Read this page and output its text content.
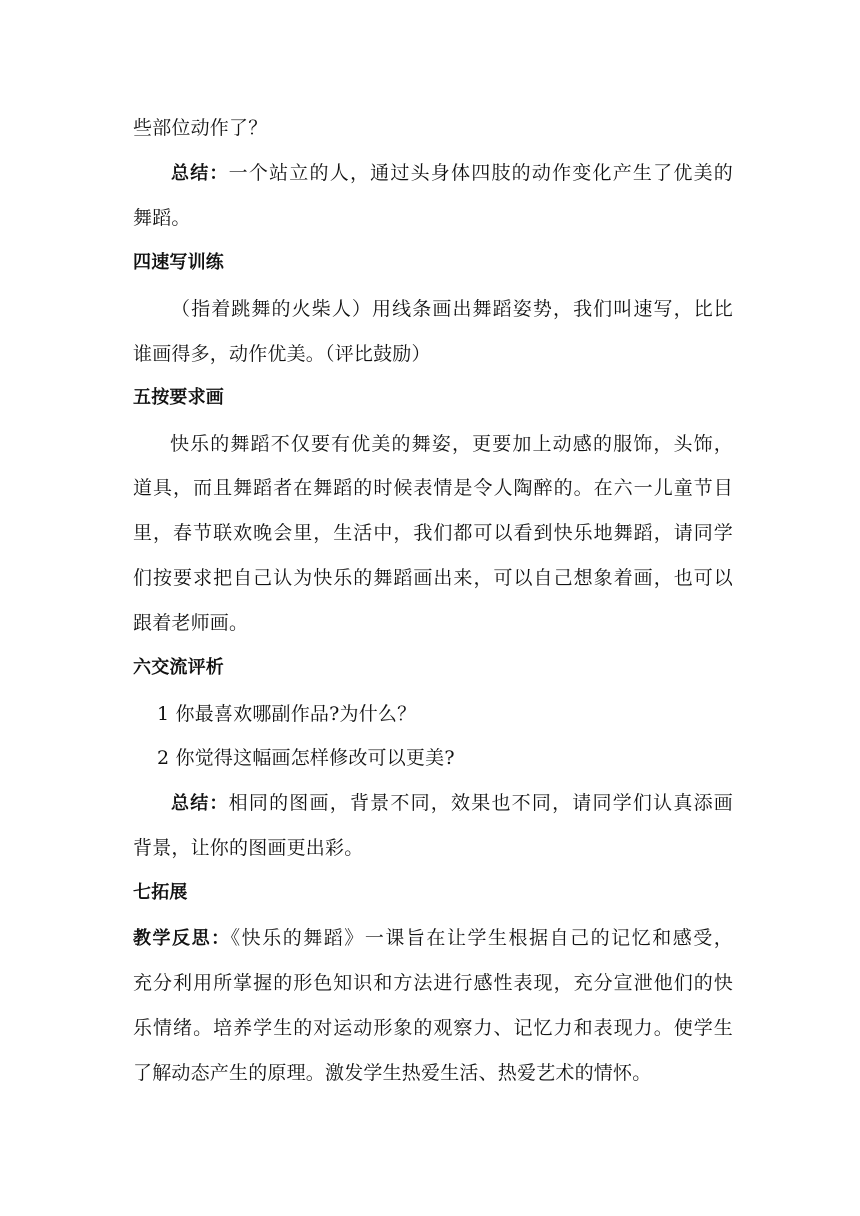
些部位动作了？
总结：一个站立的人，通过头身体四肢的动作变化产生了优美的
舞蹈。
四速写训练
（指着跳舞的火柴人）用线条画出舞蹈姿势，我们叫速写，比比
谁画得多，动作优美。（评比鼓励）
五按要求画
快乐的舞蹈不仅要有优美的舞姿，更要加上动感的服饰，头饰，
道具，而且舞蹈者在舞蹈的时候表情是令人陶醉的。在六一儿童节目
里，春节联欢晚会里，生活中，我们都可以看到快乐地舞蹈，请同学
们按要求把自己认为快乐的舞蹈画出来，可以自己想象着画，也可以
跟着老师画。
六交流评析
1 你最喜欢哪副作品?为什么？
2 你觉得这幅画怎样修改可以更美?
总结：相同的图画，背景不同，效果也不同，请同学们认真添画
背景，让你的图画更出彩。
七拓展
教学反思：《快乐的舞蹈》一课旨在让学生根据自己的记忆和感受，
充分利用所掌握的形色知识和方法进行感性表现，充分宣泄他们的快
乐情绪。培养学生的对运动形象的观察力、记忆力和表现力。使学生
了解动态产生的原理。激发学生热爱生活、热爱艺术的情怀。
